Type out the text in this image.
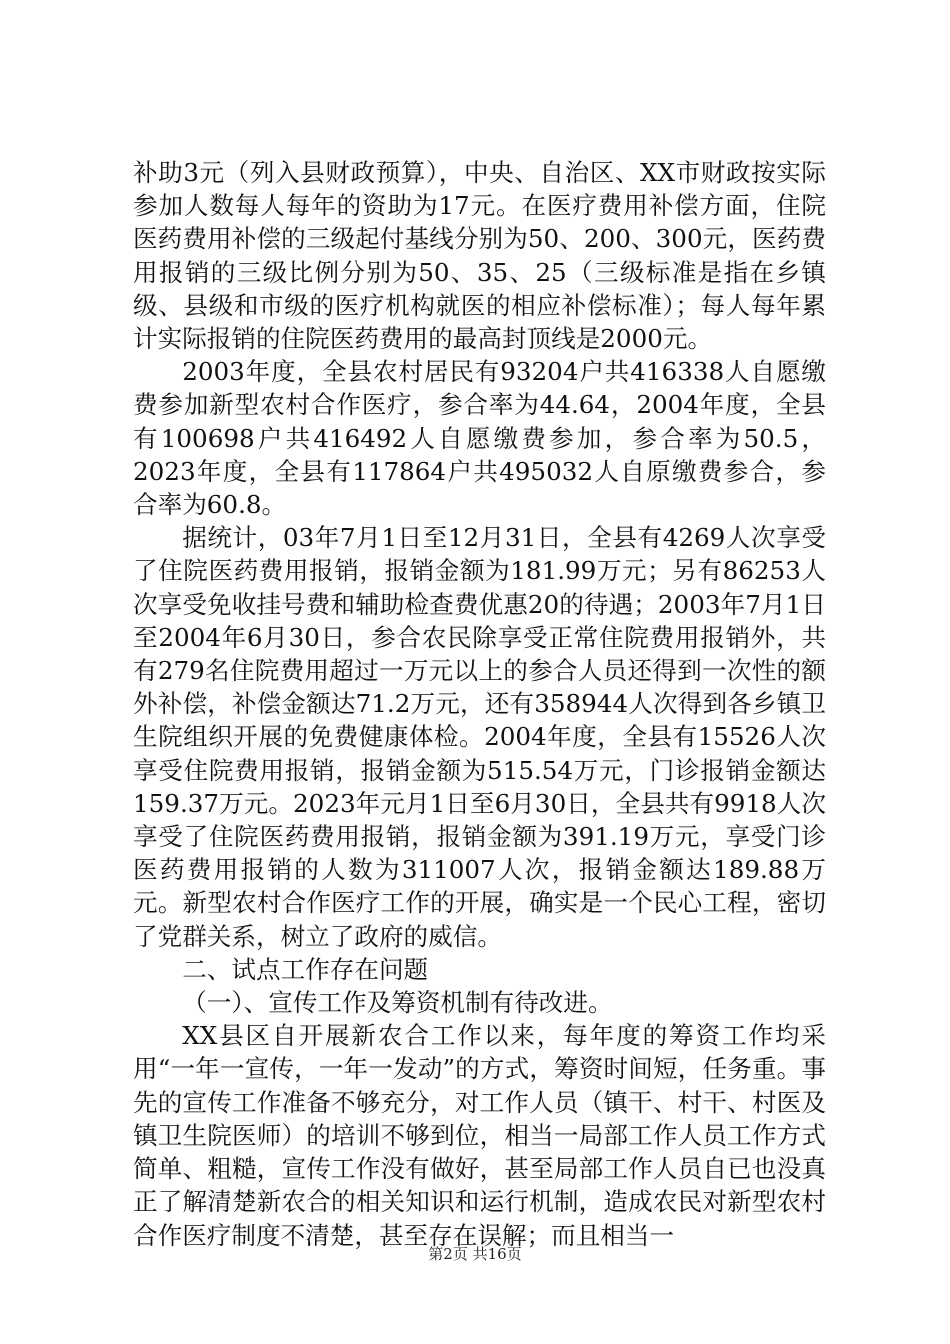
补助3元（列入县财政预算），中央、自治区、XX市财政按实际参加人数每人每年的资助为17元。在医疗费用补偿方面，住院医药费用补偿的三级起付基线分别为50、200、300元，医药费用报销的三级比例分别为50、35、25（三级标准是指在乡镇级、县级和市级的医疗机构就医的相应补偿标准）；每人每年累计实际报销的住院医药费用的最高封顶线是2000元。

2003年度，全县农村居民有93204户共416338人自愿缴费参加新型农村合作医疗，参合率为44.64，2004年度，全县有100698户共416492人自愿缴费参加，参合率为50.5，2023年度，全县有117864户共495032人自原缴费参合，参合率为60.8。

据统计，03年7月1日至12月31日，全县有4269人次享受了住院医药费用报销，报销金额为181.99万元；另有86253人次享受免收挂号费和辅助检查费优惠20的待遇；2003年7月1日至2004年6月30日，参合农民除享受正常住院费用报销外，共有279名住院费用超过一万元以上的参合人员还得到一次性的额外补偿，补偿金额达71.2万元，还有358944人次得到各乡镇卫生院组织开展的免费健康体检。2004年度，全县有15526人次享受住院费用报销，报销金额为515.54万元，门诊报销金额达159.37万元。2023年元月1日至6月30日，全县共有9918人次享受了住院医药费用报销，报销金额为391.19万元，享受门诊医药费用报销的人数为311007人次，报销金额达189.88万元。新型农村合作医疗工作的开展，确实是一个民心工程，密切了党群关系，树立了政府的威信。

二、试点工作存在问题

（一）、宣传工作及筹资机制有待改进。

XX县区自开展新农合工作以来，每年度的筹资工作均采用“一年一宣传，一年一发动”的方式，筹资时间短，任务重。事先的宣传工作准备不够充分，对工作人员（镇干、村干、村医及镇卫生院医师）的培训不够到位，相当一局部工作人员工作方式简单、粗糙，宣传工作没有做好，甚至局部工作人员自已也没真正了解清楚新农合的相关知识和运行机制，造成农民对新型农村合作医疗制度不清楚，甚至存在误解；而且相当一

第2页 共16页
